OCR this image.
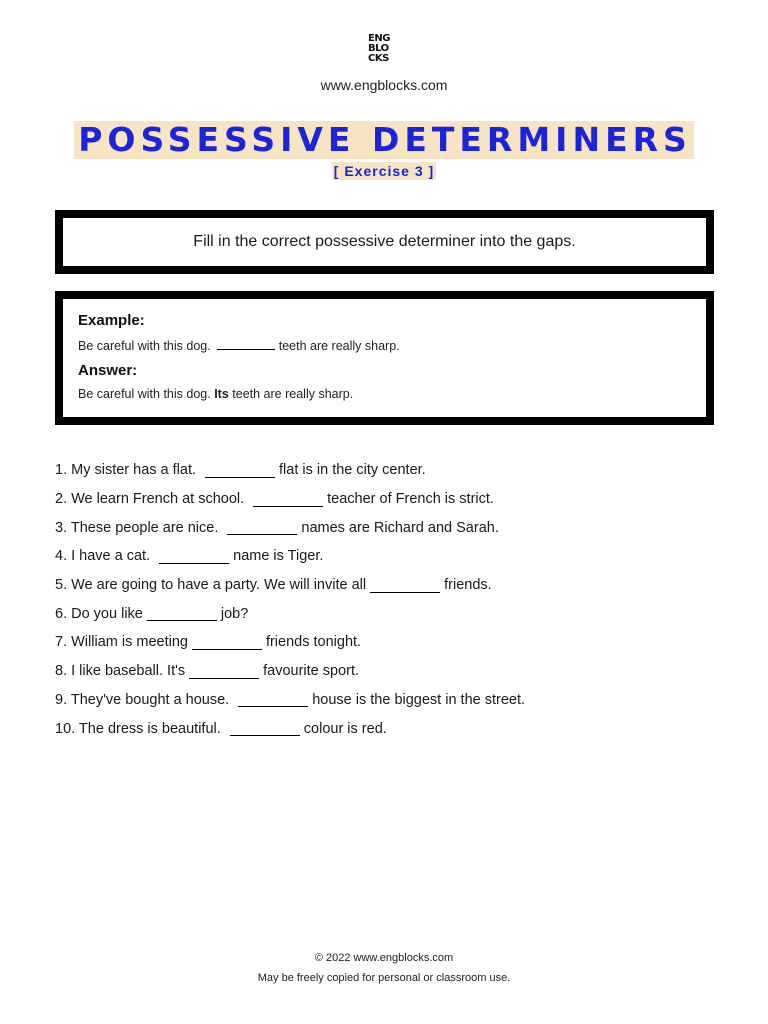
ENG
BLO
CKS
www.engblocks.com
POSSESSIVE DETERMINERS
[ Exercise 3 ]
Fill in the correct possessive determiner into the gaps.
Example:
Be careful with this dog.	teeth are really sharp.
Answer:
Be careful with this dog. Its teeth are really sharp.
1. My sister has a flat.	flat is in the city center.
2. We learn French at school.	teacher of French is strict.
3. These people are nice.	names are Richard and Sarah.
4. I have a cat.	name is Tiger.
5. We are going to have a party. We will invite all	friends.
6. Do you like	job?
7. William is meeting	friends tonight.
8. I like baseball. It's	favourite sport.
9. They've bought a house.	house is the biggest in the street.
10. The dress is beautiful.	colour is red.
© 2022 www.engblocks.com
May be freely copied for personal or classroom use.
